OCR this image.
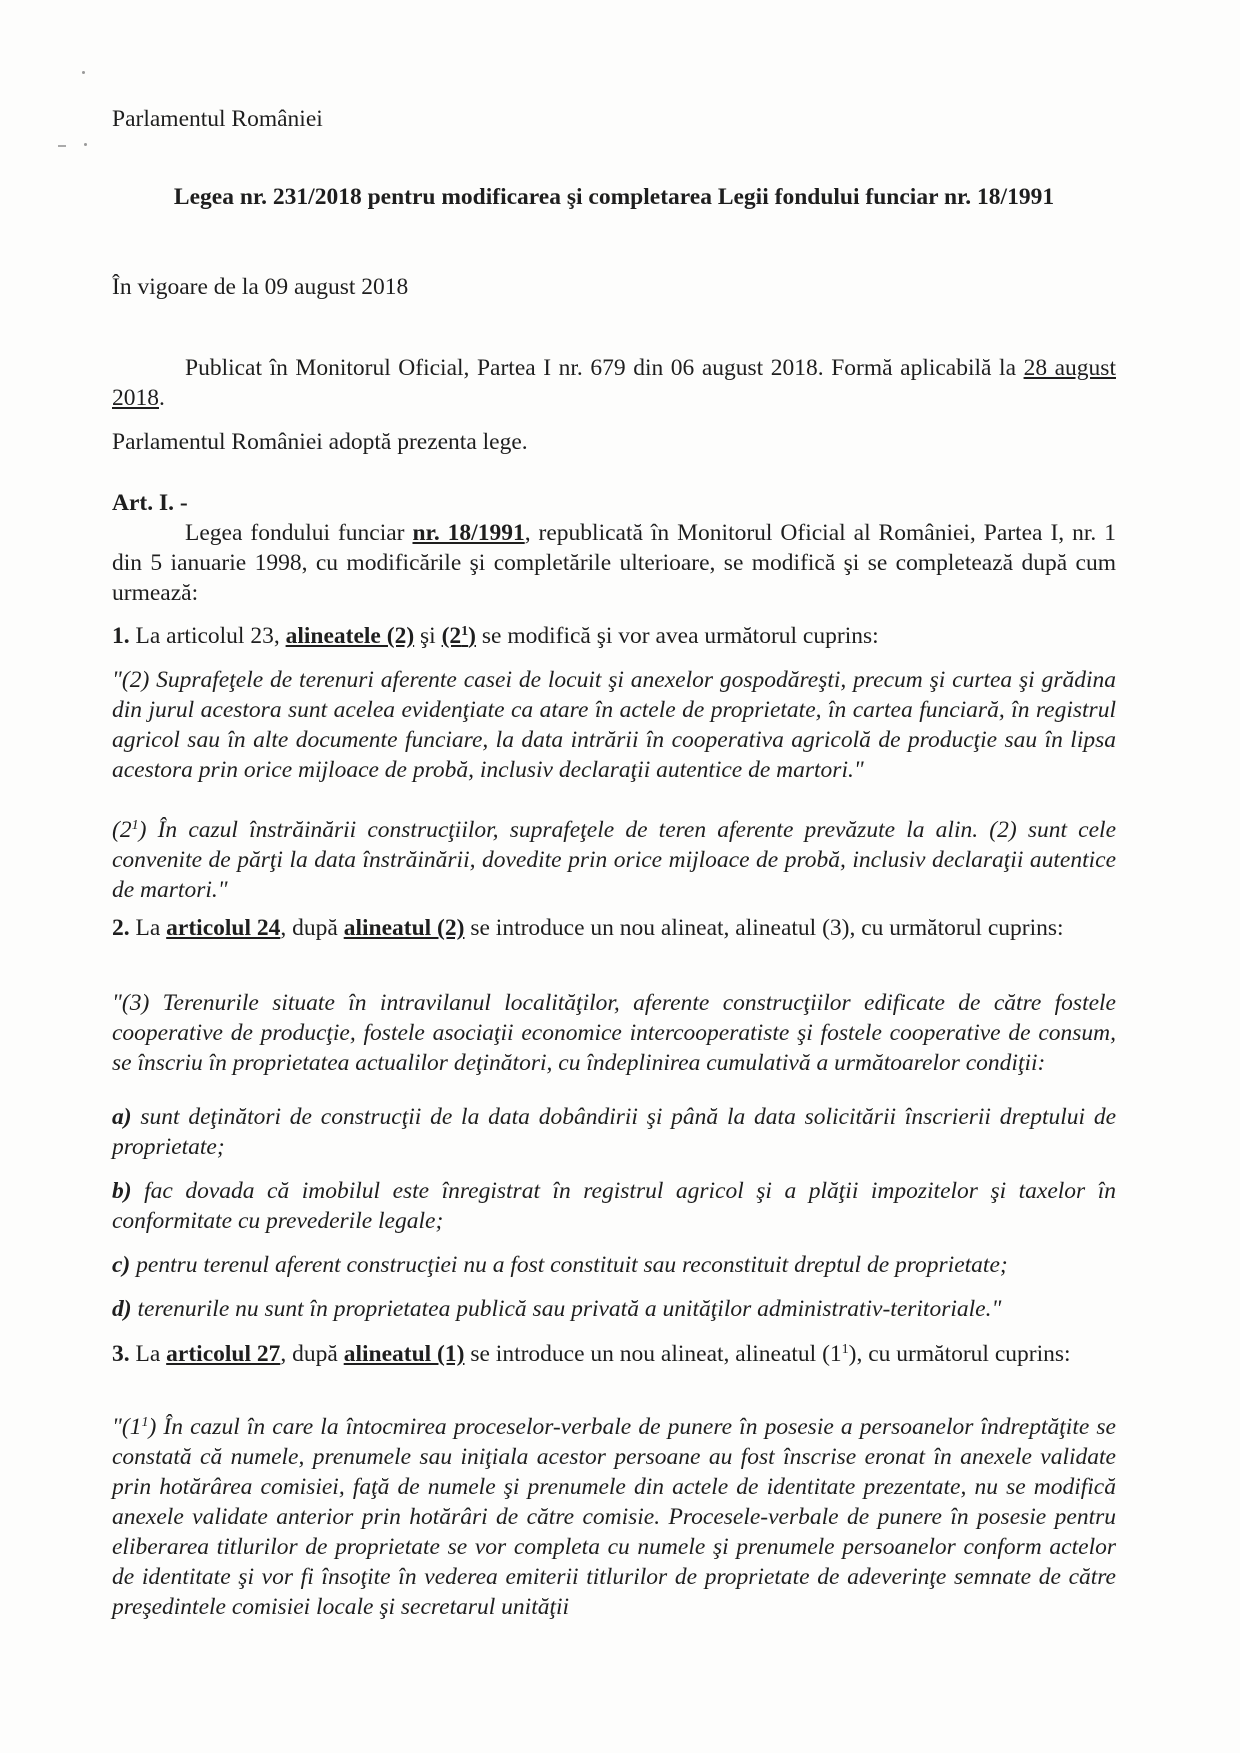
Parlamentul României

Legea nr. 231/2018 pentru modificarea şi completarea Legii fondului funciar nr. 18/1991

În vigoare de la 09 august 2018

Publicat în Monitorul Oficial, Partea I nr. 679 din 06 august 2018. Formă aplicabilă la 28 august 2018.

Parlamentul României adoptă prezenta lege.

Art. I. -

Legea fondului funciar nr. 18/1991, republicată în Monitorul Oficial al României, Partea I, nr. 1 din 5 ianuarie 1998, cu modificările şi completările ulterioare, se modifică şi se completează după cum urmează:

1. La articolul 23, alineatele (2) şi $(2^1)$ se modifică şi vor avea următorul cuprins:

"(2) Suprafeţele de terenuri aferente casei de locuit şi anexelor gospodăreşti, precum şi curtea şi grădina din jurul acestora sunt acelea evidenţiate ca atare în actele de proprietate, în cartea funciară, în registrul agricol sau în alte documente funciare, la data intrării în cooperativa agricolă de producţie sau în lipsa acestora prin orice mijloace de probă, inclusiv declaraţii autentice de martori."

$(2^1)$ În cazul înstrăinării construcţiilor, suprafeţele de teren aferente prevăzute la alin. (2) sunt cele convenite de părţi la data înstrăinării, dovedite prin orice mijloace de probă, inclusiv declaraţii autentice de martori."

2. La articolul 24, după alineatul (2) se introduce un nou alineat, alineatul (3), cu următorul cuprins:

"(3) Terenurile situate în intravilanul localităţilor, aferente construcţiilor edificate de către fostele cooperative de producţie, fostele asociaţii economice intercooperatiste şi fostele cooperative de consum, se înscriu în proprietatea actualilor deţinători, cu îndeplinirea cumulativă a următoarelor condiţii:

a) sunt deţinători de construcţii de la data dobândirii şi până la data solicitării înscrierii dreptului de proprietate;

b) fac dovada că imobilul este înregistrat în registrul agricol şi a plăţii impozitelor şi taxelor în conformitate cu prevederile legale;

c) pentru terenul aferent construcţiei nu a fost constituit sau reconstituit dreptul de proprietate;

d) terenurile nu sunt în proprietatea publică sau privată a unităţilor administrativ-teritoriale."

3. La articolul 27, după alineatul (1) se introduce un nou alineat, alineatul $(1^1)$, cu următorul cuprins:

"$(1^1)$ În cazul în care la întocmirea proceselor-verbale de punere în posesie a persoanelor îndreptăţite se constată că numele, prenumele sau iniţiala acestor persoane au fost înscrise eronat în anexele validate prin hotărârea comisiei, faţă de numele şi prenumele din actele de identitate prezentate, nu se modifică anexele validate anterior prin hotărâri de către comisie. Procesele-verbale de punere în posesie pentru eliberarea titlurilor de proprietate se vor completa cu numele şi prenumele persoanelor conform actelor de identitate şi vor fi însoţite în vederea emiterii titlurilor de proprietate de adeverinţe semnate de către preşedintele comisiei locale şi secretarul unităţii
